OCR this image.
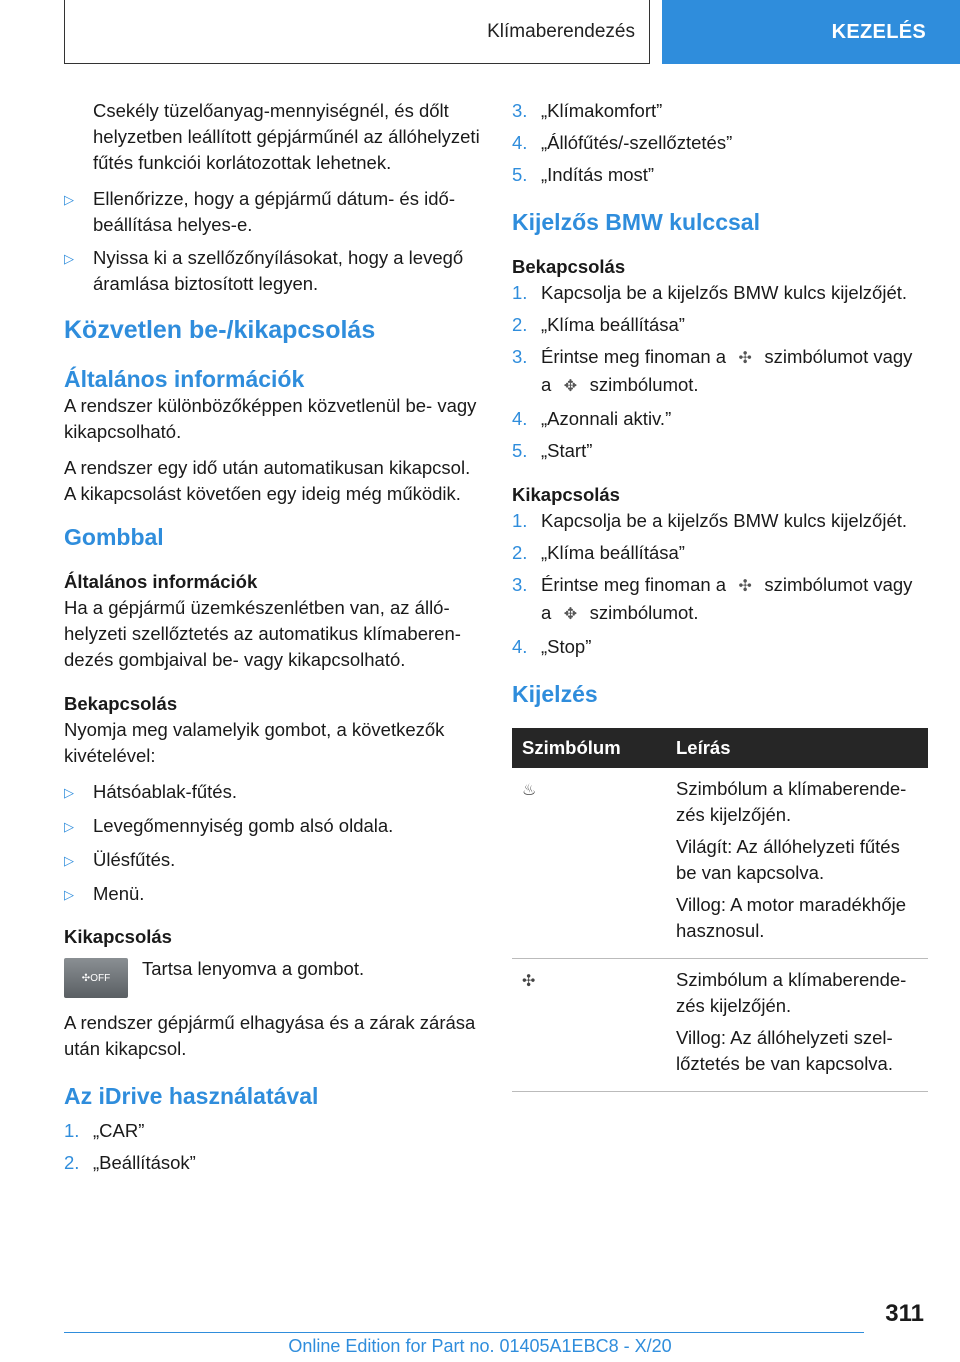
Klímaberendezés	KEZELÉS

Csekély tüzelőanyag-mennyiségnél, és dőlt helyzetben leállított gépjárműnél az állóhelyzeti fűtés funkciói korlátozottak lehetnek.

▷	Ellenőrizze, hogy a gépjármű dátum- és időbeállítása helyes-e.
▷	Nyissa ki a szellőzőnyílásokat, hogy a levegő áramlása biztosított legyen.
Közvetlen be-/kikapcsolás
Általános információk

A rendszer különbözőképpen közvetlenül be- vagy kikapcsolható.

A rendszer egy idő után automatikusan kikapcsol. A kikapcsolást követően egy ideig még működik.

Gombbal
Általános információk

Ha a gépjármű üzemkészenlétben van, az állóhelyzeti szellőztetés az automatikus klímaberendezés gombjaival be- vagy kikapcsolható.

Bekapcsolás

Nyomja meg valamelyik gombot, a következők kivételével:

▷	Hátsóablak-fűtés.
▷	Levegőmennyiség gomb alsó oldala.
▷	Ülésfűtés.
▷	Menü.
Kikapcsolás
✣ OFF Tartsa lenyomva a gombot.

A rendszer gépjármű elhagyása és a zárak zárása után kikapcsol.

Az iDrive használatával
1. „CAR”
2. „Beállítások”
3. „Klímakomfort”
4. „Állófűtés/-szellőztetés”
5. „Indítás most”
Kijelzős BMW kulccsal
Bekapcsolás
1. Kapcsolja be a kijelzős BMW kulcs kijelzőjét.
2. „Klíma beállítása”
3. Érintse meg finoman a ✣ szimbólumot vagy
a ✥ szimbólumot.
4. „Azonnali aktiv.”
5. „Start”
Kikapcsolás
1. Kapcsolja be a kijelzős BMW kulcs kijelzőjét.
2. „Klíma beállítása”
3. Érintse meg finoman a ✣ szimbólumot vagy
a ✥ szimbólumot.
4. „Stop”
Kijelzés
Szimbólum	Leírás
♨	Szimbólum a klímaberendezés kijelzőjén.

Világít: Az állóhelyzeti fűtés be van kapcsolva.

Villog: A motor maradékhője hasznosul.

✣	Szimbólum a klímaberendezés kijelzőjén.

Villog: Az állóhelyzeti szellőztetés be van kapcsolva.

311
Online Edition for Part no. 01405A1EBC8 - X/20
